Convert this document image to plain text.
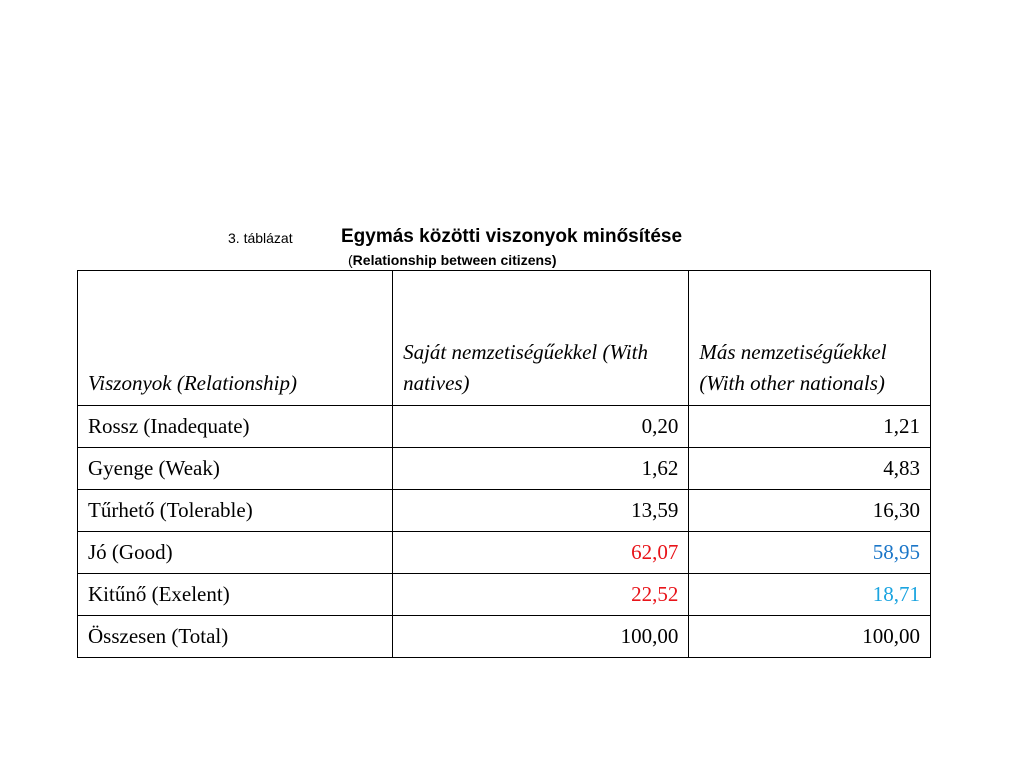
3. táblázat	Egymás közötti viszonyok minősítése
(Relationship between citizens)
Viszonyok (Relationship)	Saját nemzetiségűekkel (With natives)	Más nemzetiségűekkel (With other nationals)
Rossz (Inadequate)	0,20	1,21
Gyenge (Weak)	1,62	4,83
Tűrhető (Tolerable)	13,59	16,30
Jó (Good)	62,07	58,95
Kitűnő (Exelent)	22,52	18,71
Összesen (Total)	100,00	100,00
